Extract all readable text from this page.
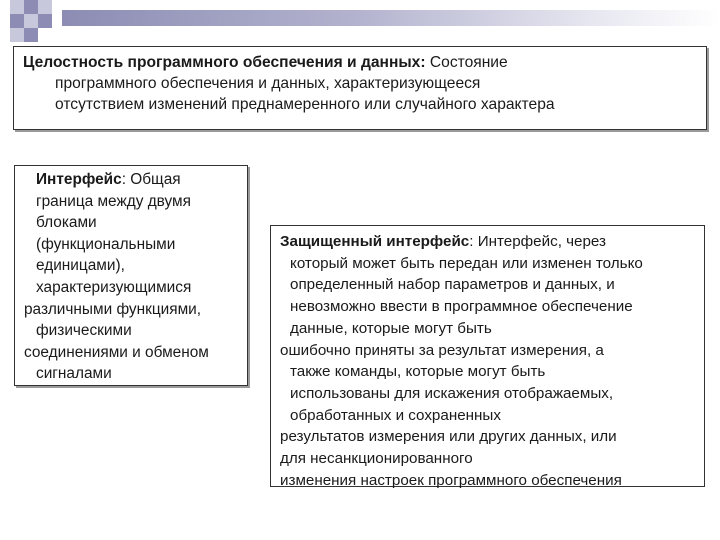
Целостность программного обеспечения и данных: Состояние
программного обеспечения и данных, характеризующееся
отсутствием изменений преднамеренного или случайного характера
Интерфейс: Общая
граница между двумя
блоками
(функциональными
единицами),
характеризующимися
различными функциями,
физическими
соединениями и обменом
сигналами
Защищенный интерфейс: Интерфейс, через
который может быть передан или изменен только
определенный набор параметров и данных, и
невозможно ввести в программное обеспечение
данные, которые могут быть
ошибочно приняты за результат измерения, а
также команды, которые могут быть
использованы для искажения отображаемых,
обработанных и сохраненных
результатов измерения или других данных, или
для несанкционированного
изменения настроек программного обеспечения
